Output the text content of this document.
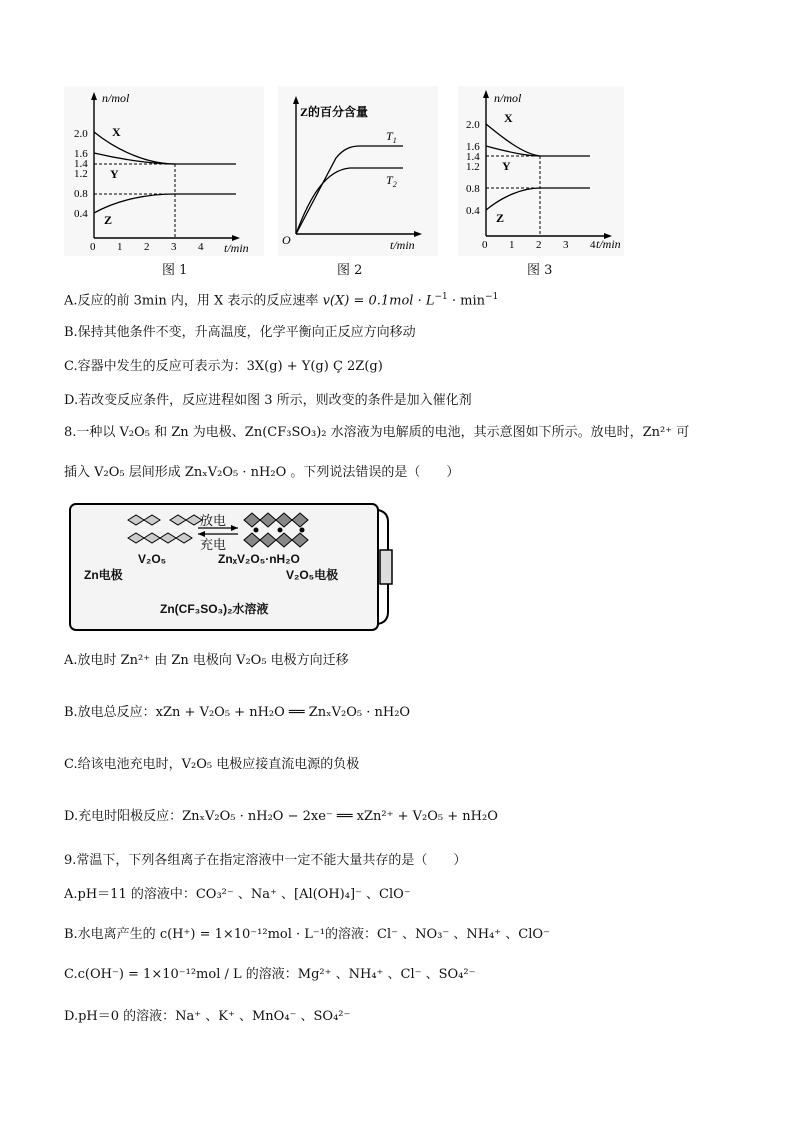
n/mol
t/min
2.0
1.6
1.4
1.2
0.8
0.4
0 1 2 3 4
X
Y
Z
Z的百分含量
t/min
O
$T_1$
$T_2$
n/mol
t/min
2.0
1.6
1.4
1.2
0.8
0.4
0 1 2 3 4
X
Y
Z
图 1	图 2	图 3
A.反应的前 3min 内，用 X 表示的反应速率 $v(X) = 0.1mol \cdot L^{-1} \cdot \min^{-1}$
B.保持其他条件不变，升高温度，化学平衡向正反应方向移动
C.容器中发生的反应可表示为：3X(g) + Y(g) Ç 2Z(g)
D.若改变反应条件，反应进程如图 3 所示，则改变的条件是加入催化剂
8.一种以 V₂O₅ 和 Zn 为电极、Zn(CF₃SO₃)₂ 水溶液为电解质的电池，其示意图如下所示。放电时，Zn²⁺ 可
插入 V₂O₅ 层间形成 ZnₓV₂O₅ · nH₂O 。下列说法错误的是（　　）
放电
充电
V₂O₅	ZnₓV₂O₅·nH₂O
Zn电极	V₂O₅电极
Zn(CF₃SO₃)₂水溶液
A.放电时 Zn²⁺ 由 Zn 电极向 V₂O₅ 电极方向迁移
B.放电总反应：xZn + V₂O₅ + nH₂O ══ ZnₓV₂O₅ · nH₂O
C.给该电池充电时，V₂O₅ 电极应接直流电源的负极
D.充电时阳极反应：ZnₓV₂O₅ · nH₂O − 2xe⁻ ══ xZn²⁺ + V₂O₅ + nH₂O
9.常温下，下列各组离子在指定溶液中一定不能大量共存的是（　　）
A.pH＝11 的溶液中：CO₃²⁻ 、Na⁺ 、[Al(OH)₄]⁻ 、ClO⁻
B.水电离产生的 c(H⁺) = 1×10⁻¹²mol · L⁻¹的溶液：Cl⁻ 、NO₃⁻ 、NH₄⁺ 、ClO⁻
C.c(OH⁻) = 1×10⁻¹²mol / L 的溶液：Mg²⁺ 、NH₄⁺ 、Cl⁻ 、SO₄²⁻
D.pH＝0 的溶液：Na⁺ 、K⁺ 、MnO₄⁻ 、SO₄²⁻
